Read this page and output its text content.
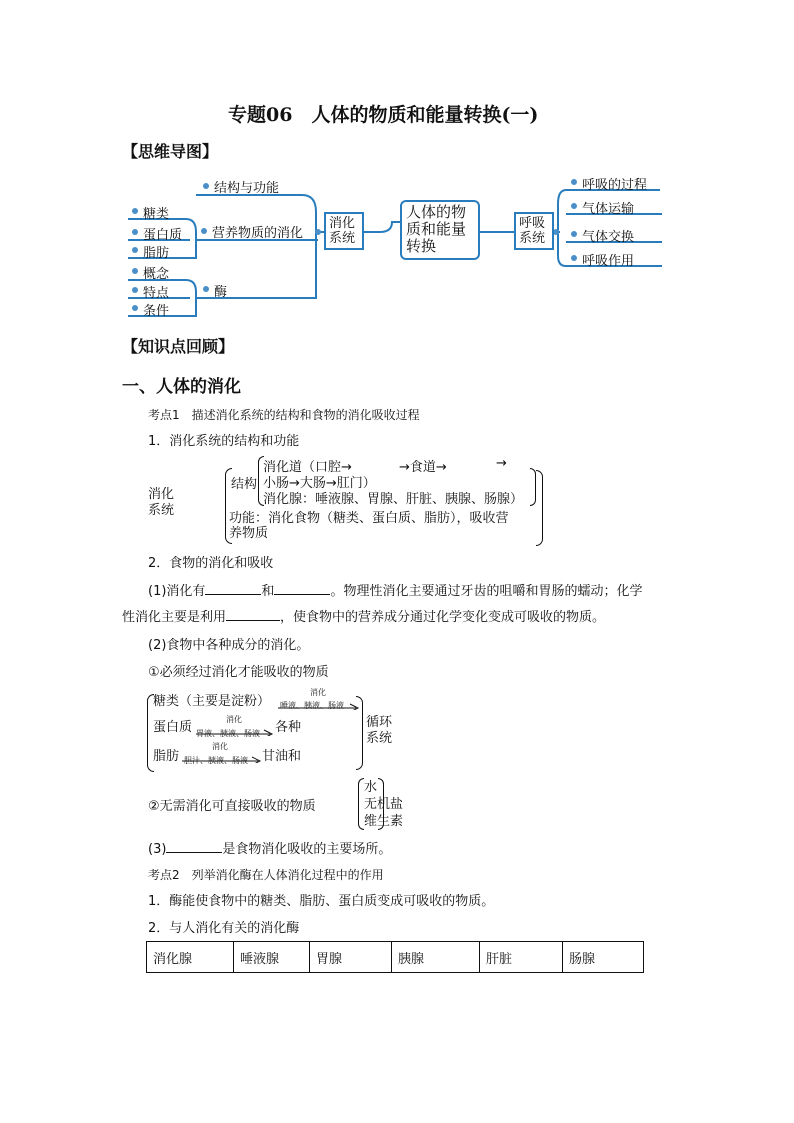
专题06　人体的物质和能量转换(一)
【思维导图】
结构与功能
营养物质的消化
酶
糖类
蛋白质
脂肪
概念
特点
条件
消化系统
人体的物质和能量转换
呼吸系统
呼吸的过程
气体运输
气体交换
呼吸作用
【知识点回顾】
一、人体的消化
考点1　描述消化系统的结构和食物的消化吸收过程
1．消化系统的结构和功能
消化
系统
结构
消化道（口腔→	→食道→	→
小肠→大肠→肛门）
消化腺：唾液腺、胃腺、肝脏、胰腺、肠腺）
功能：消化食物（糖类、蛋白质、脂肪），吸收营
养物质
2．食物的消化和吸收
(1)消化有	和	。物理性消化主要通过牙齿的咀嚼和胃肠的蠕动；化学
性消化主要是利用	，使食物中的营养成分通过化学变化变成可吸收的物质。
(2)食物中各种成分的消化。
①必须经过消化才能吸收的物质
糖类（主要是淀粉）
消化
唾液、胰液、肠液
蛋白质
消化
胃液、胰液、肠液 各种
脂肪
消化
胆汁、胰液、肠液 甘油和
循环
系统
②无需消化可直接吸收的物质
水
无机盐
维生素
(3)	是食物消化吸收的主要场所。
考点2　列举消化酶在人体消化过程中的作用
1．酶能使食物中的糖类、脂肪、蛋白质变成可吸收的物质。
2．与人消化有关的消化酶
消化腺	唾液腺	胃腺	胰腺	肝脏	肠腺
